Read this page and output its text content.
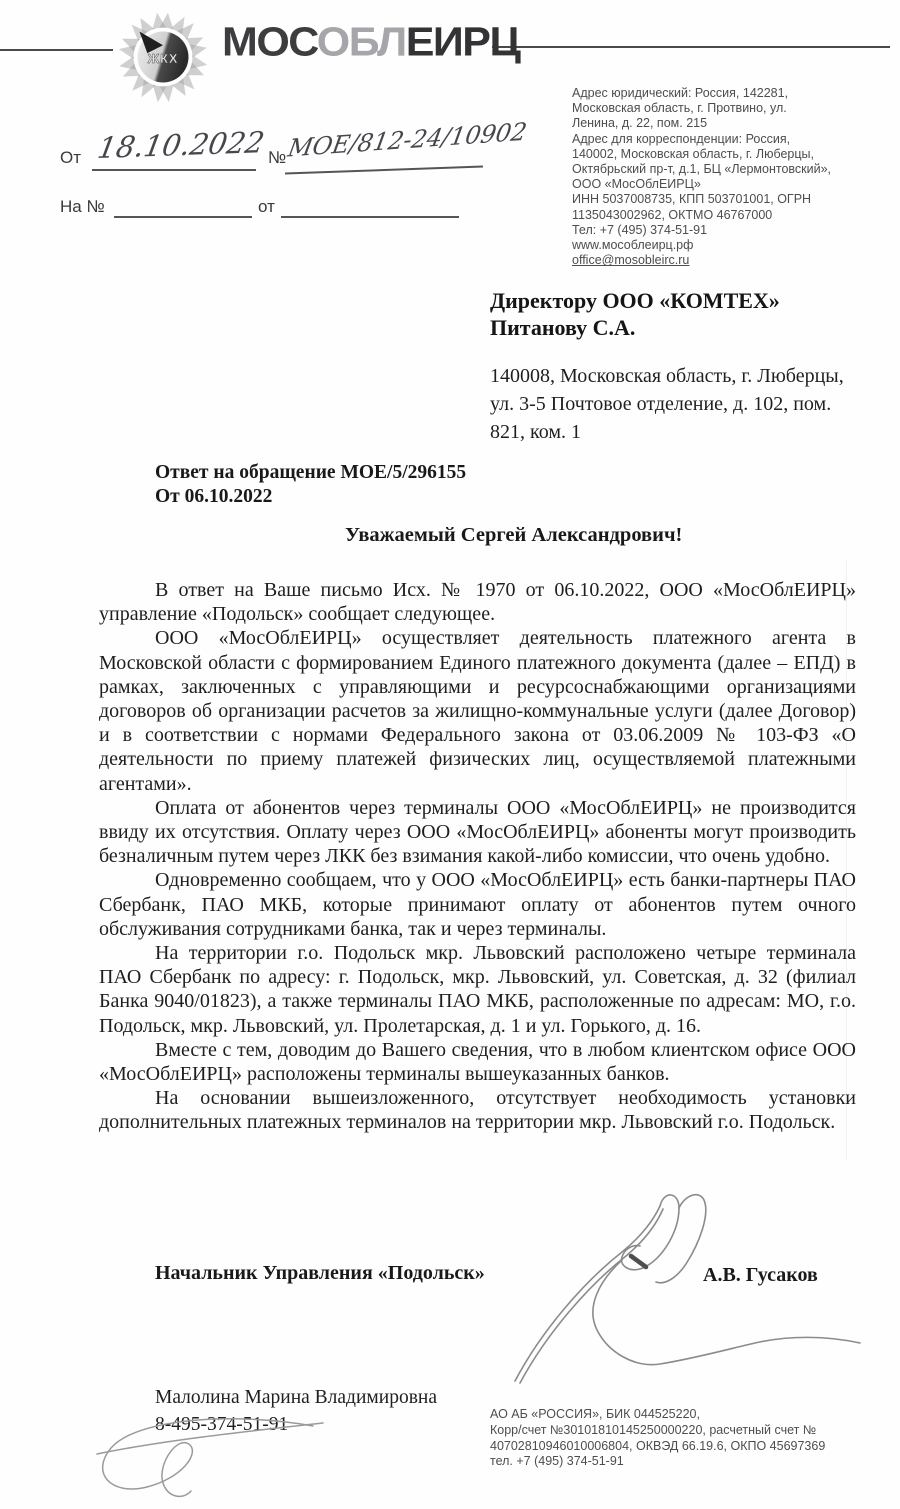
ЖКХ МОСОБЛЕИРЦ
Адрес юридический: Россия, 142281,
Московская область, г. Протвино, ул.
Ленина, д. 22, пом. 215
Адрес для корреспонденции: Россия,
140002, Московская область, г. Люберцы,
Октябрьский пр-т, д.1, БЦ «Лермонтовский»,
ООО «МосОблЕИРЦ»
ИНН 5037008735, КПП 503701001, ОГРН
1135043002962, ОКТМО 46767000
Тел: +7 (495) 374-51-91
www.мособлеирц.рф
office@mosobleirc.ru
От 18.10.2022 № МОЕ/812-24/10902
На №	от
Директору ООО «КОМТЕХ»
Питанову С.А.
140008, Московская область, г. Люберцы,
ул. 3-5 Почтовое отделение, д. 102, пом.
821, ком. 1
Ответ на обращение МОЕ/5/296155
От 06.10.2022
Уважаемый Сергей Александрович!

В ответ на Ваше письмо Исх. № 1970 от 06.10.2022, ООО «МосОблЕИРЦ» управление «Подольск» сообщает следующее.

ООО «МосОблЕИРЦ» осуществляет деятельность платежного агента в Московской области с формированием Единого платежного документа (далее – ЕПД) в рамках, заключенных с управляющими и ресурсоснабжающими организациями договоров об организации расчетов за жилищно-коммунальные услуги (далее Договор) и в соответствии с нормами Федерального закона от 03.06.2009 № 103-ФЗ «О деятельности по приему платежей физических лиц, осуществляемой платежными агентами».

Оплата от абонентов через терминалы ООО «МосОблЕИРЦ» не производится ввиду их отсутствия. Оплату через ООО «МосОблЕИРЦ» абоненты могут производить безналичным путем через ЛКК без взимания какой-либо комиссии, что очень удобно.

Одновременно сообщаем, что у ООО «МосОблЕИРЦ» есть банки-партнеры ПАО Сбербанк, ПАО МКБ, которые принимают оплату от абонентов путем очного обслуживания сотрудниками банка, так и через терминалы.

На территории г.о. Подольск мкр. Львовский расположено четыре терминала ПАО Сбербанк по адресу: г. Подольск, мкр. Львовский, ул. Советская, д. 32 (филиал Банка 9040/01823), а также терминалы ПАО МКБ, расположенные по адресам: МО, г.о. Подольск, мкр. Львовский, ул. Пролетарская, д. 1 и ул. Горького, д. 16.

Вместе с тем, доводим до Вашего сведения, что в любом клиентском офисе ООО «МосОблЕИРЦ» расположены терминалы вышеуказанных банков.

На основании вышеизложенного, отсутствует необходимость установки дополнительных платежных терминалов на территории мкр. Львовский г.о. Подольск.

Начальник Управления «Подольск»	А.В. Гусаков
Малолина Марина Владимировна
8-495-374-51-91	АО АБ «РОССИЯ», БИК 044525220,
Корр/счет №30101810145250000220, расчетный счет №
40702810946010006804, ОКВЭД 66.19.6, ОКПО 45697369
тел. +7 (495) 374-51-91
